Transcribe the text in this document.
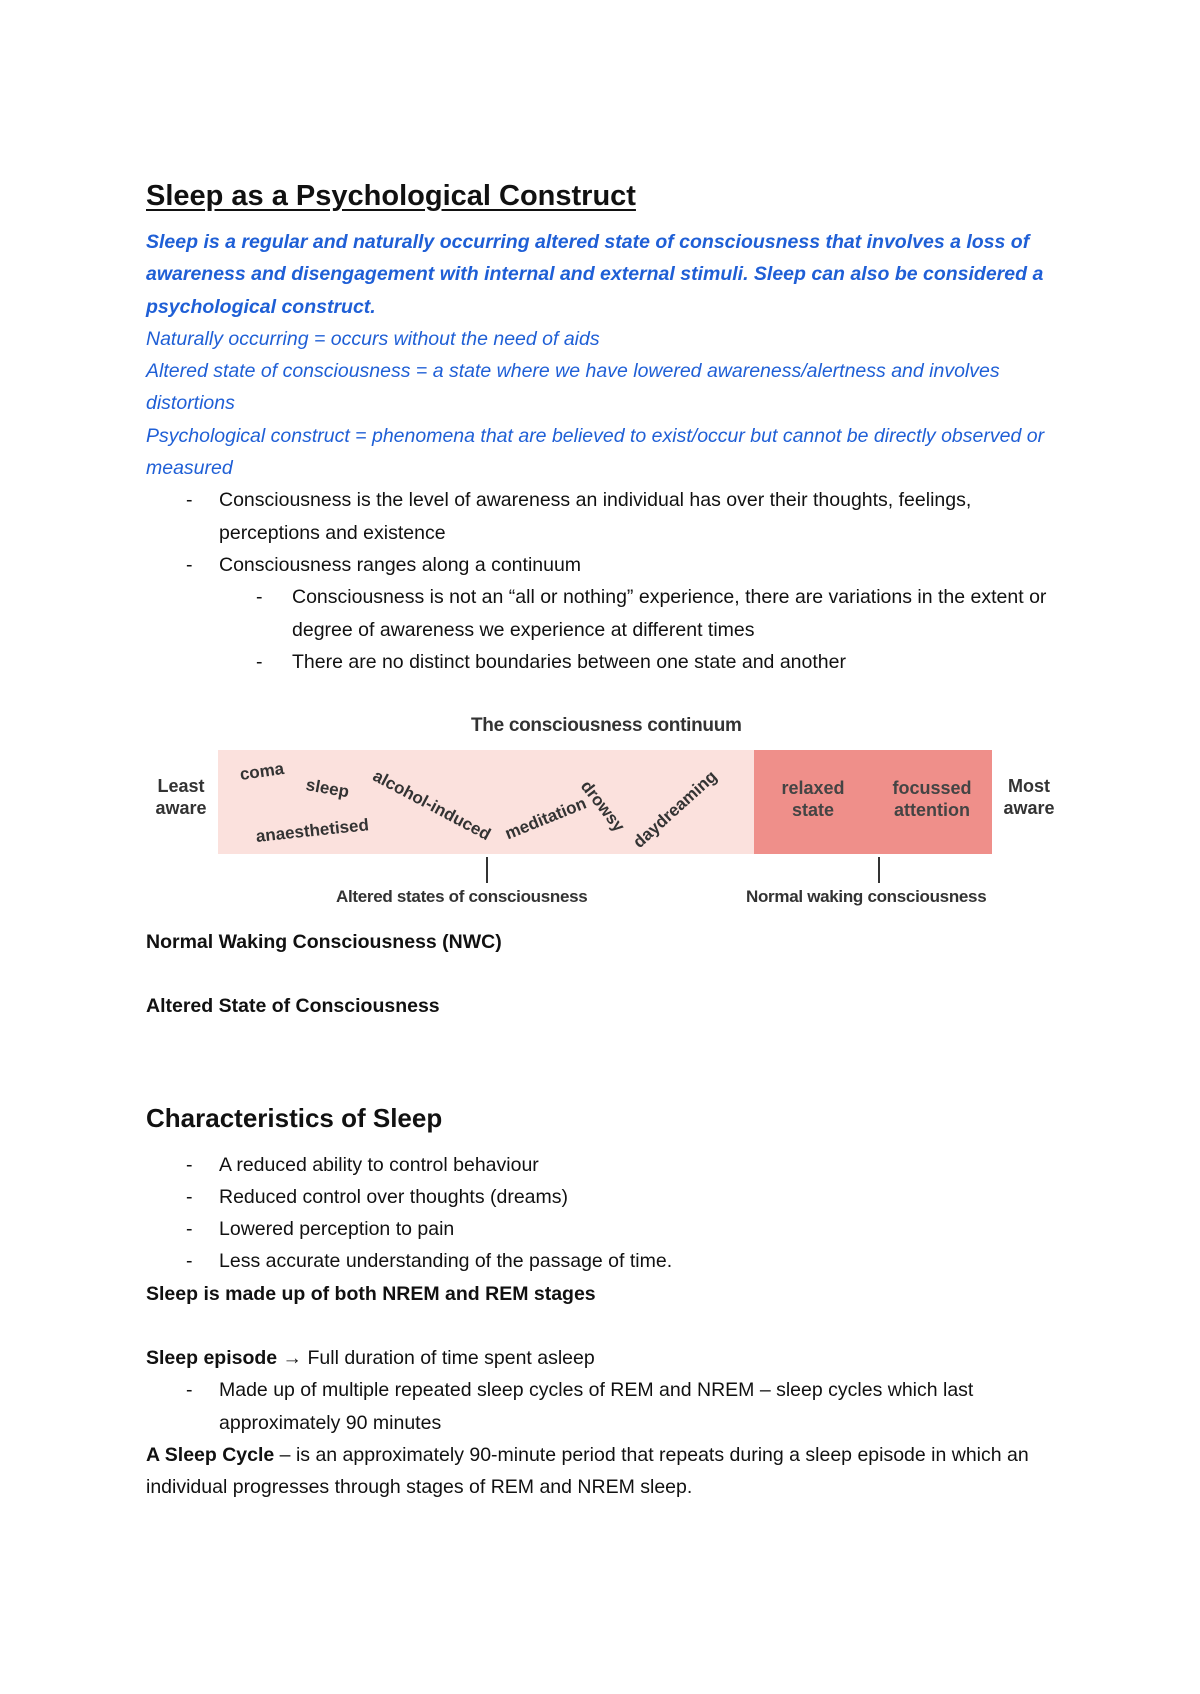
Sleep as a Psychological Construct

Sleep is a regular and naturally occurring altered state of consciousness that involves a loss of awareness and disengagement with internal and external stimuli. Sleep can also be considered a psychological construct.

Naturally occurring = occurs without the need of aids

Altered state of consciousness = a state where we have lowered awareness/alertness and involves distortions

Psychological construct = phenomena that are believed to exist/occur but cannot be directly observed or measured

- Consciousness is the level of awareness an individual has over their thoughts, feelings, perceptions and existence
- Consciousness ranges along a continuum
- Consciousness is not an “all or nothing” experience, there are variations in the extent or degree of awareness we experience at different times
- There are no distinct boundaries between one state and another
The consciousness continuum
Least
aware
Most
aware
coma
sleep alcohol-induced meditation
drowsy daydreaming
anaesthetised
relaxed
state
focussed
attention
Altered states of consciousness	Normal waking consciousness

Normal Waking Consciousness (NWC)

Altered State of Consciousness

Characteristics of Sleep
- A reduced ability to control behaviour
- Reduced control over thoughts (dreams)
- Lowered perception to pain
- Less accurate understanding of the passage of time.

Sleep is made up of both NREM and REM stages

Sleep episode → Full duration of time spent asleep

- Made up of multiple repeated sleep cycles of REM and NREM – sleep cycles which last approximately 90 minutes

A Sleep Cycle – is an approximately 90-minute period that repeats during a sleep episode in which an individual progresses through stages of REM and NREM sleep.
